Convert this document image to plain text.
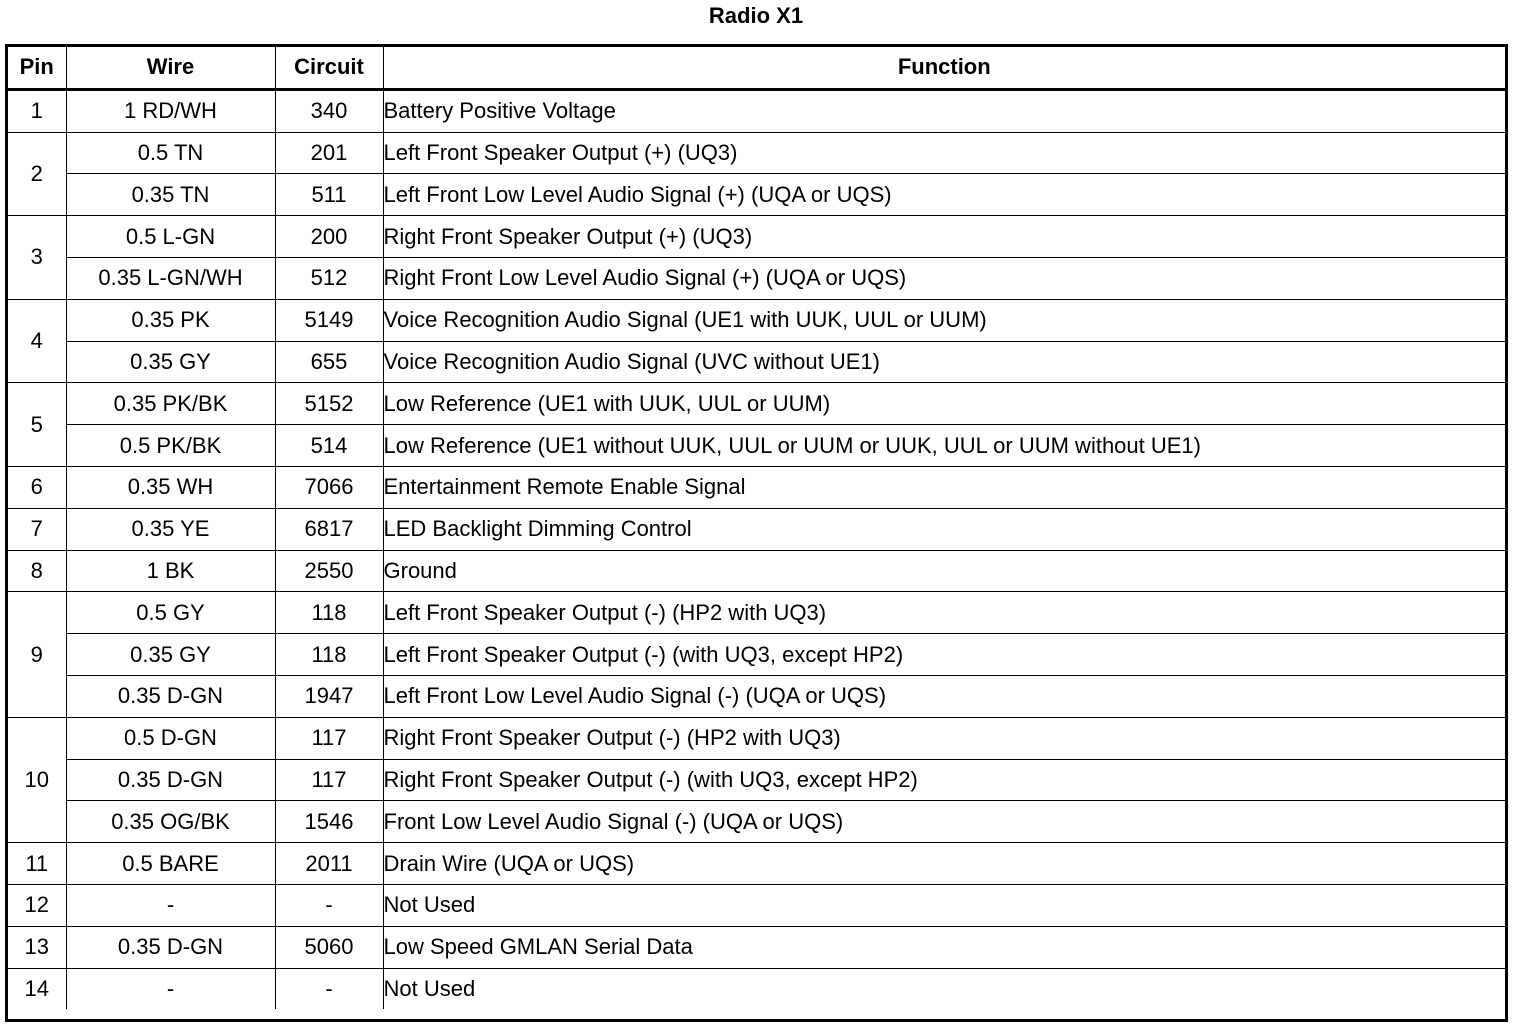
Radio X1
Pin	Wire	Circuit	Function
1	1 RD/WH	340	Battery Positive Voltage
2	0.5 TN	201	Left Front Speaker Output (+) (UQ3)
	0.35 TN	511	Left Front Low Level Audio Signal (+) (UQA or UQS)
3	0.5 L-GN	200	Right Front Speaker Output (+) (UQ3)
	0.35 L-GN/WH	512	Right Front Low Level Audio Signal (+) (UQA or UQS)
4	0.35 PK	5149	Voice Recognition Audio Signal (UE1 with UUK, UUL or UUM)
	0.35 GY	655	Voice Recognition Audio Signal (UVC without UE1)
5	0.35 PK/BK	5152	Low Reference (UE1 with UUK, UUL or UUM)
	0.5 PK/BK	514	Low Reference (UE1 without UUK, UUL or UUM or UUK, UUL or UUM without UE1)
6	0.35 WH	7066	Entertainment Remote Enable Signal
7	0.35 YE	6817	LED Backlight Dimming Control
8	1 BK	2550	Ground
9	0.5 GY	118	Left Front Speaker Output (-) (HP2 with UQ3)
	0.35 GY	118	Left Front Speaker Output (-) (with UQ3, except HP2)
	0.35 D-GN	1947	Left Front Low Level Audio Signal (-) (UQA or UQS)
10	0.5 D-GN	117	Right Front Speaker Output (-) (HP2 with UQ3)
	0.35 D-GN	117	Right Front Speaker Output (-) (with UQ3, except HP2)
	0.35 OG/BK	1546	Front Low Level Audio Signal (-) (UQA or UQS)
11	0.5 BARE	2011	Drain Wire (UQA or UQS)
12	-	-	Not Used
13	0.35 D-GN	5060	Low Speed GMLAN Serial Data
14	-	-	Not Used
